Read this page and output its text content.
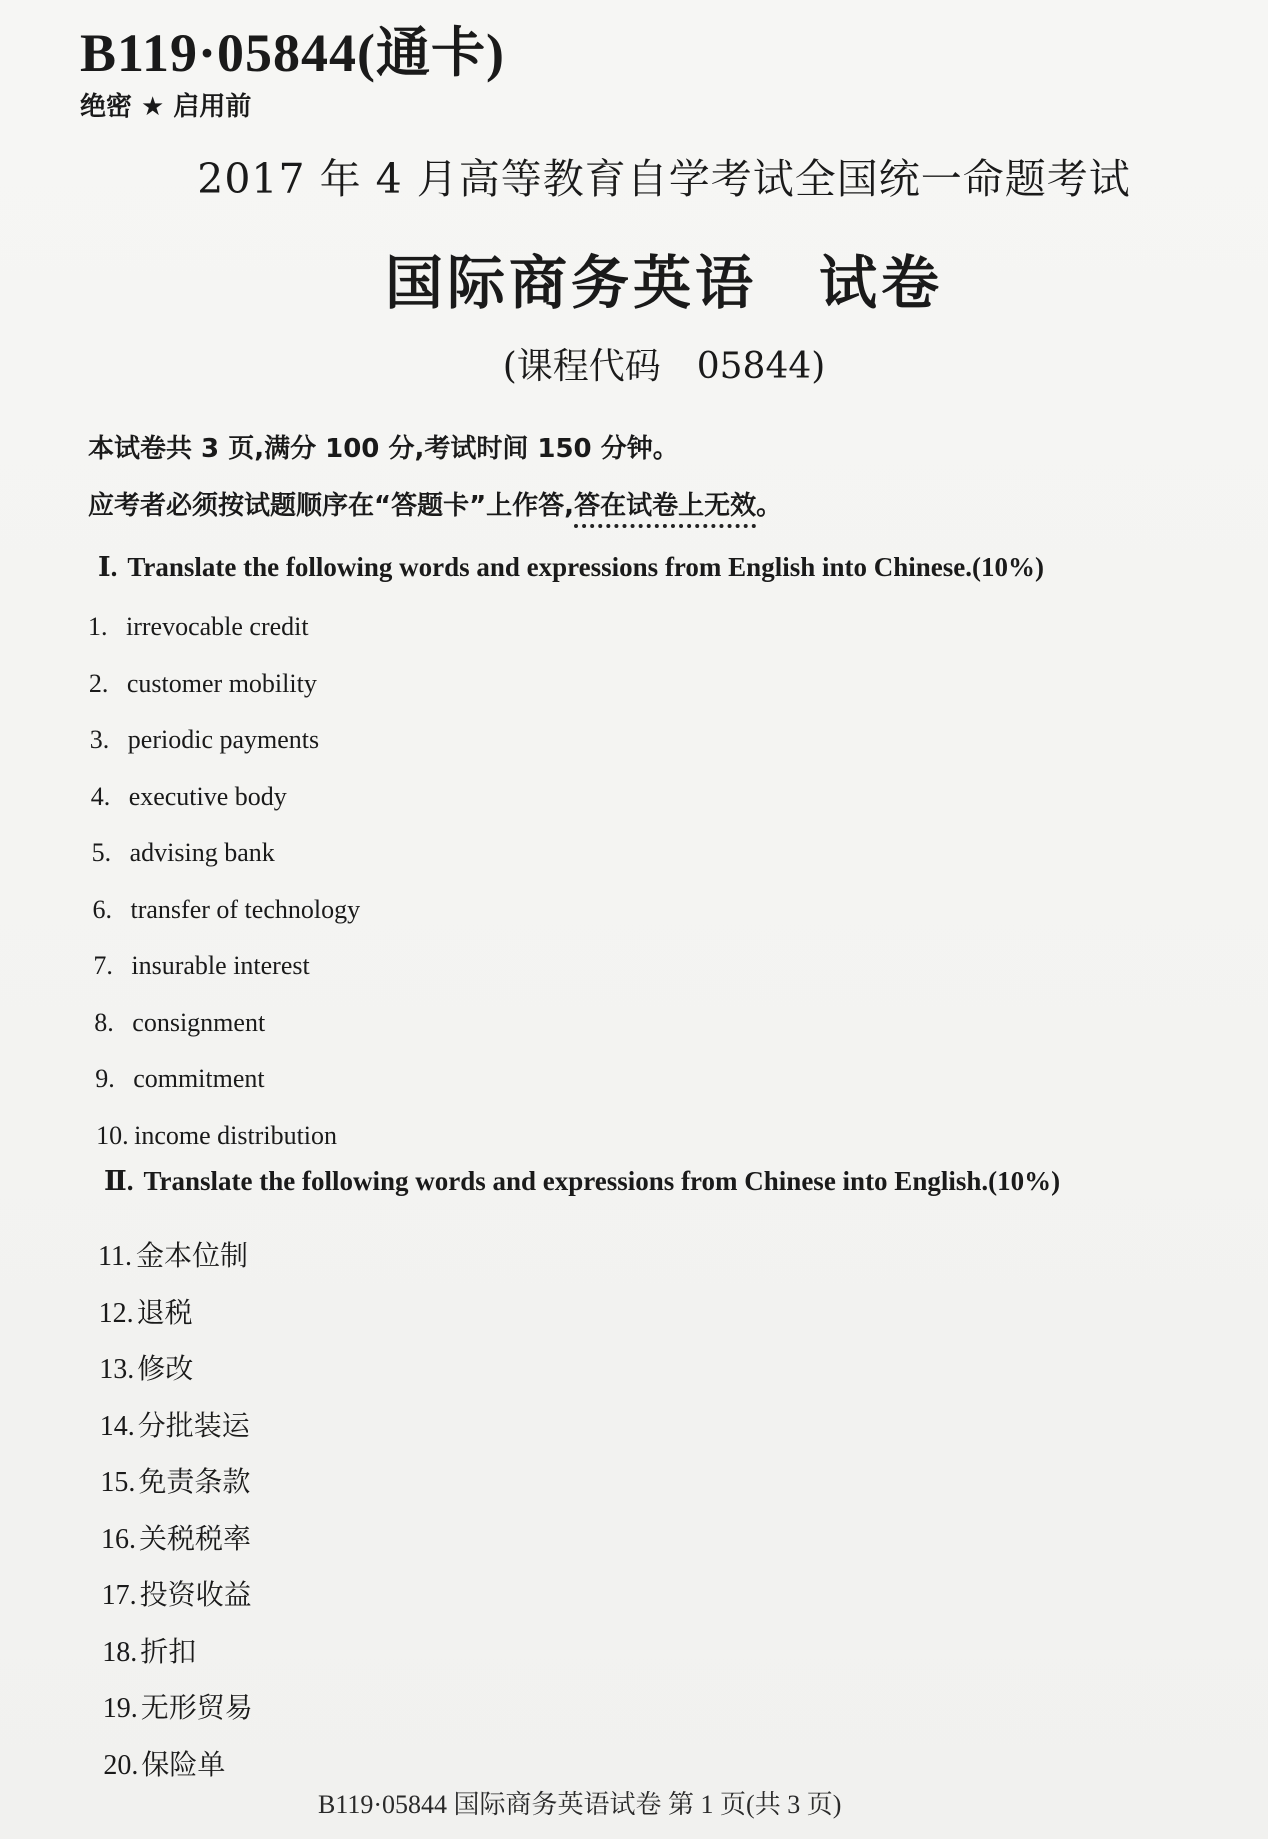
B119·05844(通卡)
绝密 ★ 启用前
2017 年 4 月高等教育自学考试全国统一命题考试
国际商务英语　试卷
(课程代码　05844)
本试卷共 3 页,满分 100 分,考试时间 150 分钟。
应考者必须按试题顺序在“答题卡”上作答,答在试卷上无效。
Ⅰ. Translate the following words and expressions from English into Chinese.(10%)
1. irrevocable credit
2. customer mobility
3. periodic payments
4. executive body
5. advising bank
6. transfer of technology
7. insurable interest
8. consignment
9. commitment
10. income distribution
Ⅱ. Translate the following words and expressions from Chinese into English.(10%)
11. 金本位制
12. 退税
13. 修改
14. 分批装运
15. 免责条款
16. 关税税率
17. 投资收益
18. 折扣
19. 无形贸易
20. 保险单
B119·05844 国际商务英语试卷 第 1 页(共 3 页)
